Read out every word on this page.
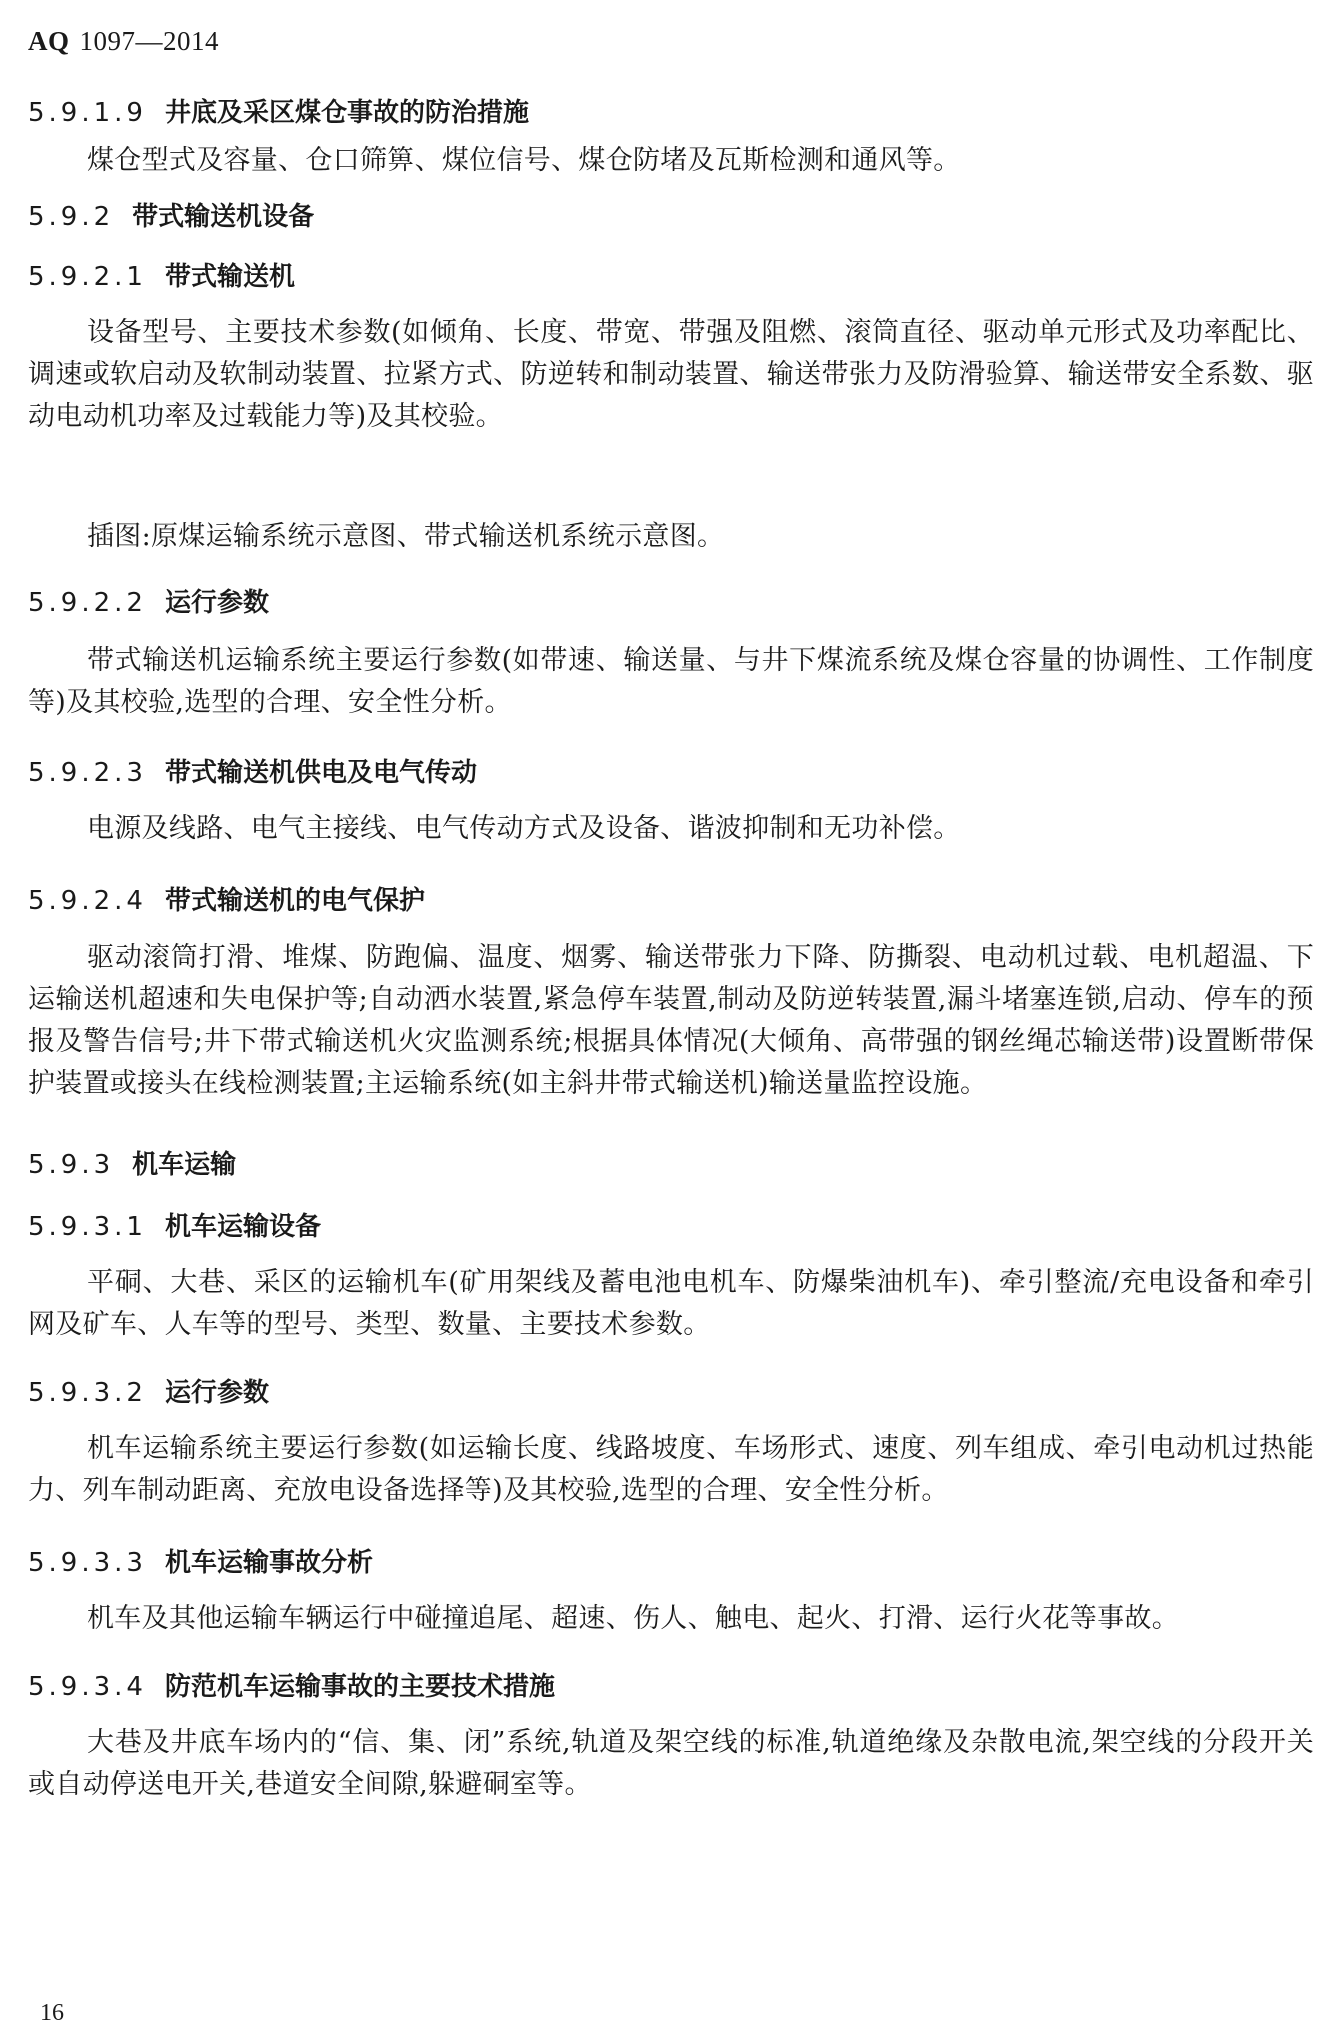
AQ 1097—2014
5.9.1.9 井底及采区煤仓事故的防治措施
煤仓型式及容量、仓口筛箅、煤位信号、煤仓防堵及瓦斯检测和通风等。
5.9.2 带式输送机设备
5.9.2.1 带式输送机
设备型号、主要技术参数(如倾角、长度、带宽、带强及阻燃、滚筒直径、驱动单元形式及功率配比、调速或软启动及软制动装置、拉紧方式、防逆转和制动装置、输送带张力及防滑验算、输送带安全系数、驱动电动机功率及过载能力等)及其校验。
插图:原煤运输系统示意图、带式输送机系统示意图。
5.9.2.2 运行参数
带式输送机运输系统主要运行参数(如带速、输送量、与井下煤流系统及煤仓容量的协调性、工作制度等)及其校验,选型的合理、安全性分析。
5.9.2.3 带式输送机供电及电气传动
电源及线路、电气主接线、电气传动方式及设备、谐波抑制和无功补偿。
5.9.2.4 带式输送机的电气保护
驱动滚筒打滑、堆煤、防跑偏、温度、烟雾、输送带张力下降、防撕裂、电动机过载、电机超温、下运输送机超速和失电保护等;自动洒水装置,紧急停车装置,制动及防逆转装置,漏斗堵塞连锁,启动、停车的预报及警告信号;井下带式输送机火灾监测系统;根据具体情况(大倾角、高带强的钢丝绳芯输送带)设置断带保护装置或接头在线检测装置;主运输系统(如主斜井带式输送机)输送量监控设施。
5.9.3 机车运输
5.9.3.1 机车运输设备
平硐、大巷、采区的运输机车(矿用架线及蓄电池电机车、防爆柴油机车)、牵引整流/充电设备和牵引网及矿车、人车等的型号、类型、数量、主要技术参数。
5.9.3.2 运行参数
机车运输系统主要运行参数(如运输长度、线路坡度、车场形式、速度、列车组成、牵引电动机过热能力、列车制动距离、充放电设备选择等)及其校验,选型的合理、安全性分析。
5.9.3.3 机车运输事故分析
机车及其他运输车辆运行中碰撞追尾、超速、伤人、触电、起火、打滑、运行火花等事故。
5.9.3.4 防范机车运输事故的主要技术措施
大巷及井底车场内的“信、集、闭”系统,轨道及架空线的标准,轨道绝缘及杂散电流,架空线的分段开关或自动停送电开关,巷道安全间隙,躲避硐室等。
16
